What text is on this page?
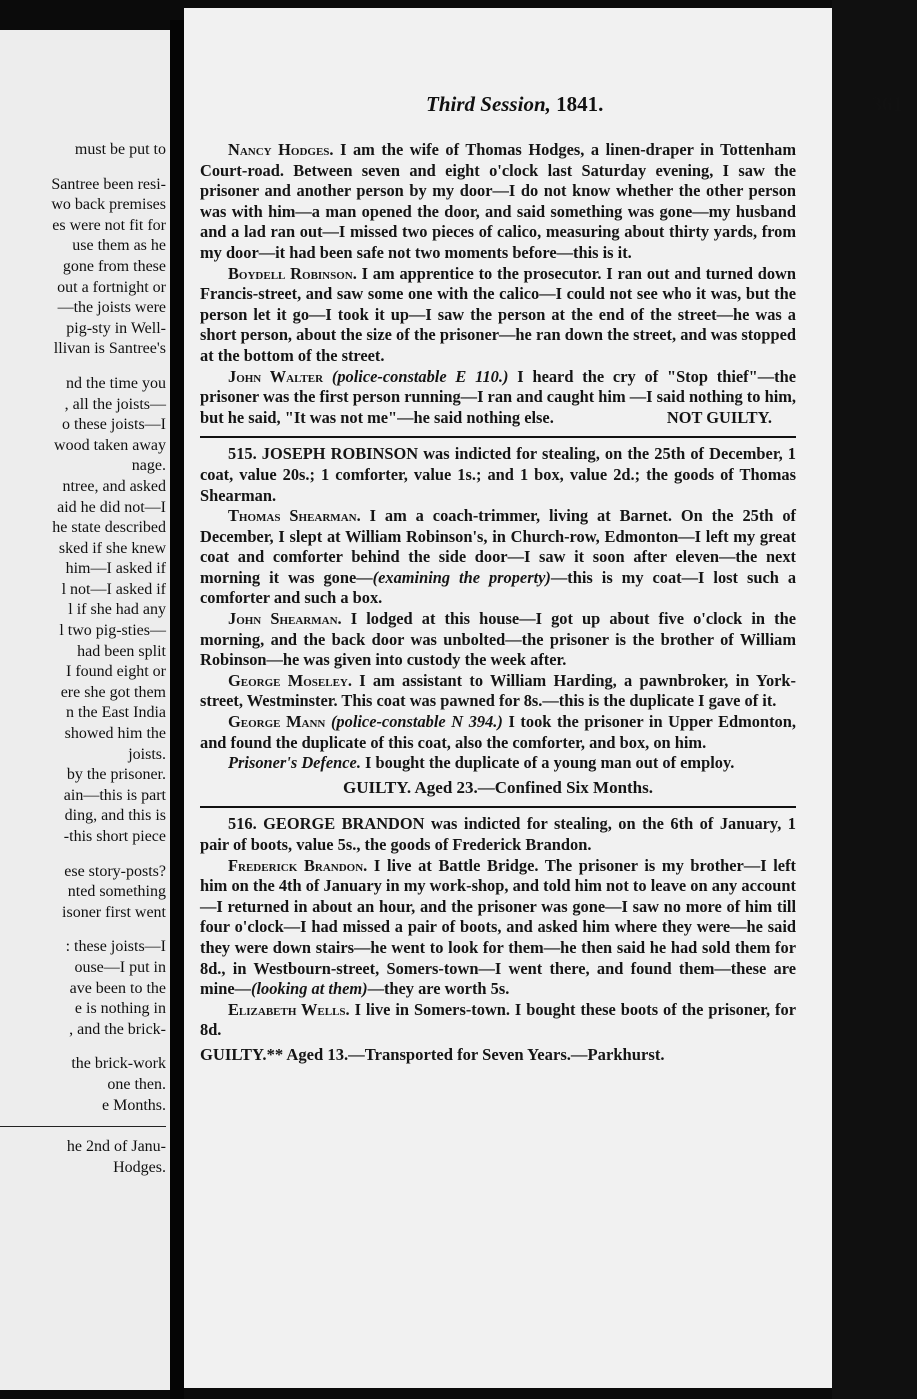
must be put to
Santree been resi-
wo back premises
es were not fit for
use them as he
gone from these
out a fortnight or
—the joists were
pig-sty in Well-
llivan is Santree's
nd the time you
, all the joists—
o these joists—I
wood taken away
nage.
ntree, and asked
aid he did not—I
he state described
sked if she knew
him—I asked if
l not—I asked if
l if she had any
l two pig-sties—
had been split
I found eight or
ere she got them
n the East India
showed him the
joists.
by the prisoner.
ain—this is part
ding, and this is
-this short piece
ese story-posts?
nted something
isoner first went
: these joists—I
ouse—I put in
ave been to the
e is nothing in
, and the brick-
the brick-work
one then.
e Months.
he 2nd of Janu-
Hodges.
Third Session, 1841.	361

Nancy Hodges. I am the wife of Thomas Hodges, a linen-draper in Tottenham Court-road. Between seven and eight o'clock last Saturday evening, I saw the prisoner and another person by my door—I do not know whether the other person was with him—a man opened the door, and said something was gone—my husband and a lad ran out—I missed two pieces of calico, measuring about thirty yards, from my door—it had been safe not two moments before—this is it.

Boydell Robinson. I am apprentice to the prosecutor. I ran out and turned down Francis-street, and saw some one with the calico—I could not see who it was, but the person let it go—I took it up—I saw the person at the end of the street—he was a short person, about the size of the prisoner—he ran down the street, and was stopped at the bottom of the street.

John Walter (police-constable E 110.) I heard the cry of "Stop thief"—the prisoner was the first person running—I ran and caught him —I said nothing to him, but he said, "It was not me"—he said nothing else.	NOT GUILTY.

515. JOSEPH ROBINSON was indicted for stealing, on the 25th of December, 1 coat, value 20s.; 1 comforter, value 1s.; and 1 box, value 2d.; the goods of Thomas Shearman.

Thomas Shearman. I am a coach-trimmer, living at Barnet. On the 25th of December, I slept at William Robinson's, in Church-row, Edmonton—I left my great coat and comforter behind the side door—I saw it soon after eleven—the next morning it was gone—(examining the property)—this is my coat—I lost such a comforter and such a box.

John Shearman. I lodged at this house—I got up about five o'clock in the morning, and the back door was unbolted—the prisoner is the brother of William Robinson—he was given into custody the week after.

George Moseley. I am assistant to William Harding, a pawnbroker, in York-street, Westminster. This coat was pawned for 8s.—this is the duplicate I gave of it.

George Mann (police-constable N 394.) I took the prisoner in Upper Edmonton, and found the duplicate of this coat, also the comforter, and box, on him.

Prisoner's Defence. I bought the duplicate of a young man out of employ.

GUILTY. Aged 23.—Confined Six Months.

516. GEORGE BRANDON was indicted for stealing, on the 6th of January, 1 pair of boots, value 5s., the goods of Frederick Brandon.

Frederick Brandon. I live at Battle Bridge. The prisoner is my brother—I left him on the 4th of January in my work-shop, and told him not to leave on any account—I returned in about an hour, and the prisoner was gone—I saw no more of him till four o'clock—I had missed a pair of boots, and asked him where they were—he said they were down stairs—he went to look for them—he then said he had sold them for 8d., in Westbourn-street, Somers-town—I went there, and found them—these are mine—(looking at them)—they are worth 5s.

Elizabeth Wells. I live in Somers-town. I bought these boots of the prisoner, for 8d.

GUILTY.** Aged 13.—Transported for Seven Years.—Parkhurst.
